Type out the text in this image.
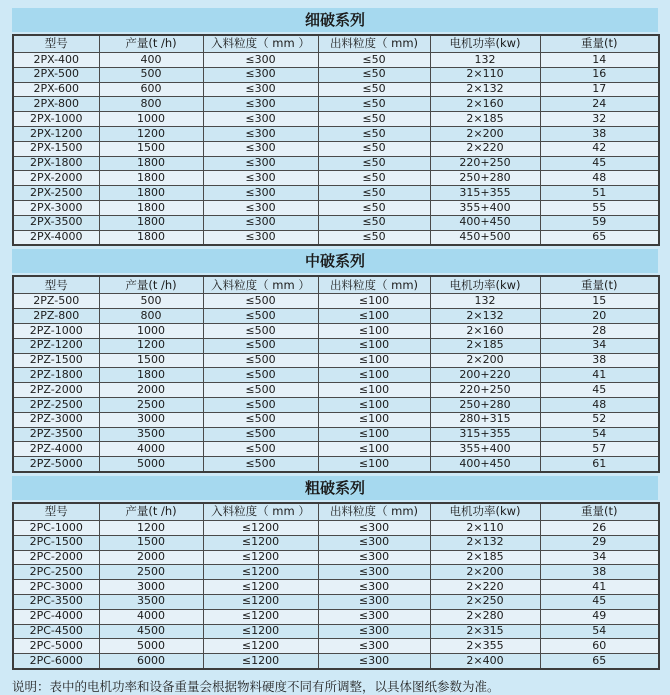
细破系列
型号	产量(t /h)	入料粒度（ mm ）	出料粒度（ mm)	电机功率(kw)	重量(t)
2PX-400	400	≤300	≤50	132	14
2PX-500	500	≤300	≤50	2×110	16
2PX-600	600	≤300	≤50	2×132	17
2PX-800	800	≤300	≤50	2×160	24
2PX-1000	1000	≤300	≤50	2×185	32
2PX-1200	1200	≤300	≤50	2×200	38
2PX-1500	1500	≤300	≤50	2×220	42
2PX-1800	1800	≤300	≤50	220+250	45
2PX-2000	1800	≤300	≤50	250+280	48
2PX-2500	1800	≤300	≤50	315+355	51
2PX-3000	1800	≤300	≤50	355+400	55
2PX-3500	1800	≤300	≤50	400+450	59
2PX-4000	1800	≤300	≤50	450+500	65
中破系列
型号	产量(t /h)	入料粒度（ mm ）	出料粒度（ mm)	电机功率(kw)	重量(t)
2PZ-500	500	≤500	≤100	132	15
2PZ-800	800	≤500	≤100	2×132	20
2PZ-1000	1000	≤500	≤100	2×160	28
2PZ-1200	1200	≤500	≤100	2×185	34
2PZ-1500	1500	≤500	≤100	2×200	38
2PZ-1800	1800	≤500	≤100	200+220	41
2PZ-2000	2000	≤500	≤100	220+250	45
2PZ-2500	2500	≤500	≤100	250+280	48
2PZ-3000	3000	≤500	≤100	280+315	52
2PZ-3500	3500	≤500	≤100	315+355	54
2PZ-4000	4000	≤500	≤100	355+400	57
2PZ-5000	5000	≤500	≤100	400+450	61
粗破系列
型号	产量(t /h)	入料粒度（ mm ）	出料粒度（ mm)	电机功率(kw)	重量(t)
2PC-1000	1200	≤1200	≤300	2×110	26
2PC-1500	1500	≤1200	≤300	2×132	29
2PC-2000	2000	≤1200	≤300	2×185	34
2PC-2500	2500	≤1200	≤300	2×200	38
2PC-3000	3000	≤1200	≤300	2×220	41
2PC-3500	3500	≤1200	≤300	2×250	45
2PC-4000	4000	≤1200	≤300	2×280	49
2PC-4500	4500	≤1200	≤300	2×315	54
2PC-5000	5000	≤1200	≤300	2×355	60
2PC-6000	6000	≤1200	≤300	2×400	65
说明：表中的电机功率和设备重量会根据物料硬度不同有所调整，以具体图纸参数为准。
